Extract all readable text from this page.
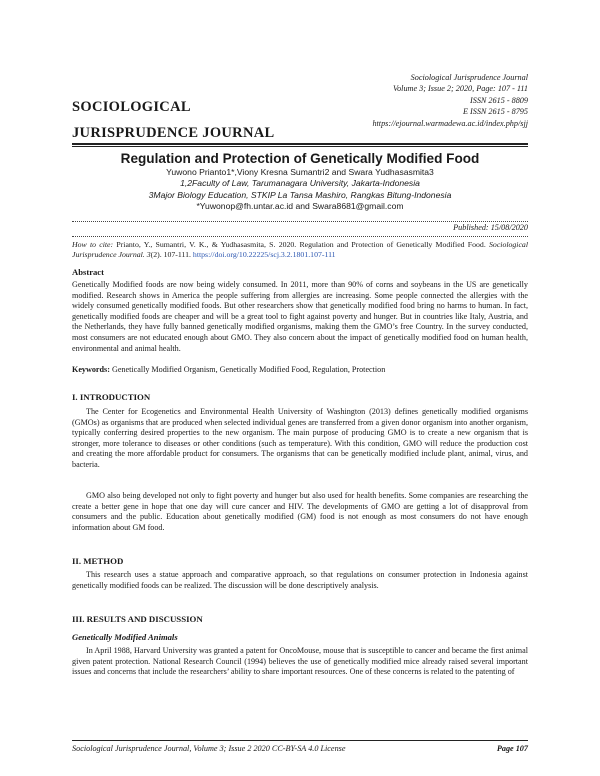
SOCIOLOGICAL
JURISPRUDENCE JOURNAL
Sociological Jurisprudence Journal
Volume 3; Issue 2; 2020, Page: 107 - 111
ISSN 2615 - 8809
E ISSN 2615 - 8795
https://ejournal.warmadewa.ac.id/index.php/sjj
Regulation and Protection of Genetically Modified Food
Yuwono Prianto1*,Viony Kresna Sumantri2 and Swara Yudhasasmita3
1,2Faculty of Law, Tarumanagara University, Jakarta-Indonesia
3Major Biology Education, STKIP La Tansa Mashiro, Rangkas Bitung-Indonesia
*Yuwonop@fh.untar.ac.id and Swara8681@gmail.com
Published: 15/08/2020
How to cite: Prianto, Y., Sumantri, V. K., & Yudhasasmita, S. 2020. Regulation and Protection of Genetically Modified Food. Sociological Jurisprudence Journal. 3(2). 107-111. https://doi.org/10.22225/scj.3.2.1801.107-111
Abstract
Genetically Modified foods are now being widely consumed. In 2011, more than 90% of corns and soybeans in the US are genetically modified. Research shows in America the people suffering from allergies are increasing. Some people connected the allergies with the widely consumed genetically modified foods. But other researchers show that genetically modified food bring no harms to human. In fact, genetically modified foods are cheaper and will be a great tool to fight against poverty and hunger. But in countries like Italy, Austria, and the Netherlands, they have fully banned genetically modified organisms, making them the GMO’s free Country. In the survey conducted, most consumers are not educated enough about GMO. They also concern about the impact of genetically modified food on human health, environmental and animal health.
Keywords: Genetically Modified Organism, Genetically Modified Food, Regulation, Protection
I. INTRODUCTION
The Center for Ecogenetics and Environmental Health University of Washington (2013) defines genetically modified organisms (GMOs) as organisms that are produced when selected individual genes are transferred from a given donor organism into another organism, typically conferring desired properties to the new organism. The main purpose of producing GMO is to create a new organism that is stronger, more tolerance to diseases or other conditions (such as temperature). With this condition, GMO will reduce the production cost and creating the more affordable product for consumers. The organisms that can be genetically modified include plant, animal, virus, and bacteria.
GMO also being developed not only to fight poverty and hunger but also used for health benefits. Some companies are researching the create a better gene in hope that one day will cure cancer and HIV. The developments of GMO are getting a lot of disapproval from consumers and the public. Education about genetically modified (GM) food is not enough as most consumers do not have enough information about GM food.
II. METHOD
This research uses a statue approach and comparative approach, so that regulations on consumer protection in Indonesia against genetically modified foods can be realized. The discussion will be done descriptively analysis.
III. RESULTS AND DISCUSSION
Genetically Modified Animals
In April 1988, Harvard University was granted a patent for OncoMouse, mouse that is susceptible to cancer and became the first animal given patent protection. National Research Council (1994) believes the use of genetically modified mice already raised several important issues and concerns that include the researchers’ ability to share important resources. One of these concerns is related to the patenting of
Sociological Jurisprudence Journal, Volume 3; Issue 2 2020 CC-BY-SA 4.0 License	Page 107
